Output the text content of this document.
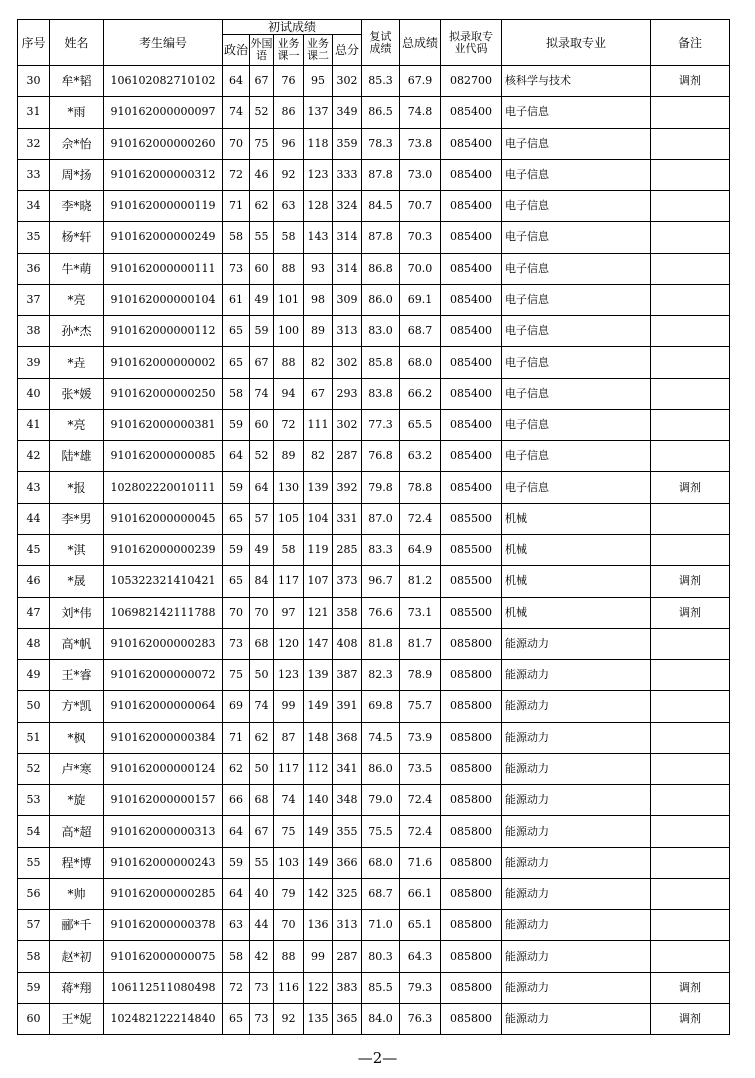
序号	姓名	考生编号	初试成绩					复试成绩	总成绩	拟录取专业代码	拟录取专业	备注
			政治	外国语	业务课一	业务课二	总分					
30	牟*韬	106102082710102	64	67	76	95	302	85.3	67.9	082700	核科学与技术	调剂
31	*雨	910162000000097	74	52	86	137	349	86.5	74.8	085400	电子信息	
32	佘*怡	910162000000260	70	75	96	118	359	78.3	73.8	085400	电子信息	
33	周*扬	910162000000312	72	46	92	123	333	87.8	73.0	085400	电子信息	
34	李*晓	910162000000119	71	62	63	128	324	84.5	70.7	085400	电子信息	
35	杨*轩	910162000000249	58	55	58	143	314	87.8	70.3	085400	电子信息	
36	牛*萌	910162000000111	73	60	88	93	314	86.8	70.0	085400	电子信息	
37	*亮	910162000000104	61	49	101	98	309	86.0	69.1	085400	电子信息	
38	孙*杰	910162000000112	65	59	100	89	313	83.0	68.7	085400	电子信息	
39	*垚	910162000000002	65	67	88	82	302	85.8	68.0	085400	电子信息	
40	张*媛	910162000000250	58	74	94	67	293	83.8	66.2	085400	电子信息	
41	*亮	910162000000381	59	60	72	111	302	77.3	65.5	085400	电子信息	
42	陆*雄	910162000000085	64	52	89	82	287	76.8	63.2	085400	电子信息	
43	*报	102802220010111	59	64	130	139	392	79.8	78.8	085400	电子信息	调剂
44	李*男	910162000000045	65	57	105	104	331	87.0	72.4	085500	机械	
45	*淇	910162000000239	59	49	58	119	285	83.3	64.9	085500	机械	
46	*晟	105322321410421	65	84	117	107	373	96.7	81.2	085500	机械	调剂
47	刘*伟	106982142111788	70	70	97	121	358	76.6	73.1	085500	机械	调剂
48	高*帆	910162000000283	73	68	120	147	408	81.8	81.7	085800	能源动力	
49	王*睿	910162000000072	75	50	123	139	387	82.3	78.9	085800	能源动力	
50	方*凯	910162000000064	69	74	99	149	391	69.8	75.7	085800	能源动力	
51	*枫	910162000000384	71	62	87	148	368	74.5	73.9	085800	能源动力	
52	卢*寒	910162000000124	62	50	117	112	341	86.0	73.5	085800	能源动力	
53	*旋	910162000000157	66	68	74	140	348	79.0	72.4	085800	能源动力	
54	高*超	910162000000313	64	67	75	149	355	75.5	72.4	085800	能源动力	
55	程*博	910162000000243	59	55	103	149	366	68.0	71.6	085800	能源动力	
56	*帅	910162000000285	64	40	79	142	325	68.7	66.1	085800	能源动力	
57	郦*千	910162000000378	63	44	70	136	313	71.0	65.1	085800	能源动力	
58	赵*初	910162000000075	58	42	88	99	287	80.3	64.3	085800	能源动力	
59	蒋*翔	106112511080498	72	73	116	122	383	85.5	79.3	085800	能源动力	调剂
60	王*妮	102482122214840	65	73	92	135	365	84.0	76.3	085800	能源动力	调剂
—2—
